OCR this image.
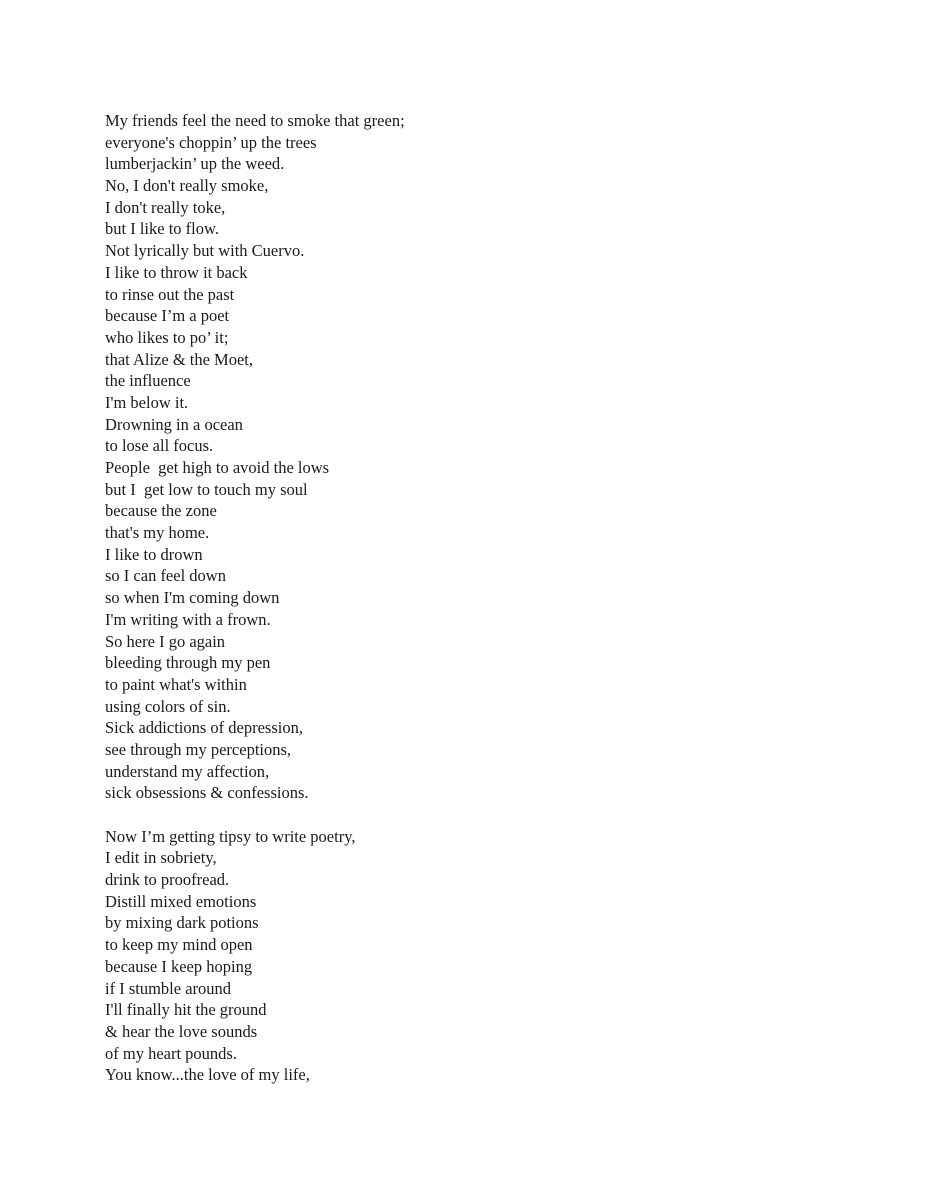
My friends feel the need to smoke that green;
everyone's choppin’ up the trees
lumberjackin’ up the weed.
No, I don't really smoke,
I don't really toke,
but I like to flow.
Not lyrically but with Cuervo.
I like to throw it back
to rinse out the past
because I’m a poet
who likes to po’ it;
that Alize & the Moet,
the influence
I'm below it.
Drowning in a ocean
to lose all focus.
People  get high to avoid the lows
but I  get low to touch my soul
because the zone
that's my home.
I like to drown
so I can feel down
so when I'm coming down
I'm writing with a frown.
So here I go again
bleeding through my pen
to paint what's within
using colors of sin.
Sick addictions of depression,
see through my perceptions,
understand my affection,
sick obsessions & confessions.
Now I’m getting tipsy to write poetry,
I edit in sobriety,
drink to proofread.
Distill mixed emotions
by mixing dark potions
to keep my mind open
because I keep hoping
if I stumble around
I'll finally hit the ground
& hear the love sounds
of my heart pounds.
You know...the love of my life,
